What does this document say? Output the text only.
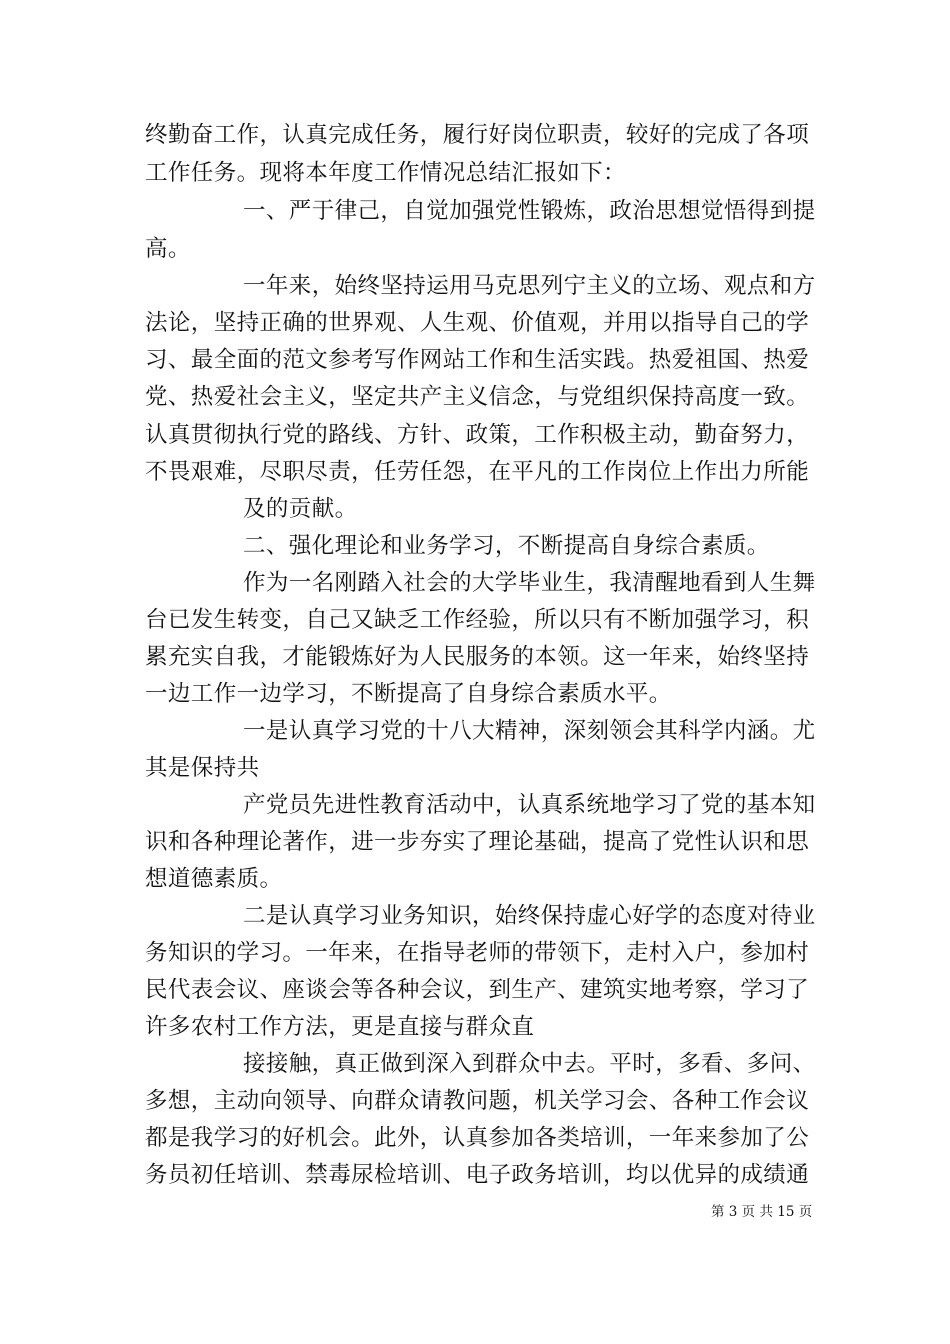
终勤奋工作，认真完成任务，履行好岗位职责，较好的完成了各项
工作任务。现将本年度工作情况总结汇报如下：
一、严于律己，自觉加强党性锻炼，政治思想觉悟得到提
高。
一年来，始终坚持运用马克思列宁主义的立场、观点和方
法论，坚持正确的世界观、人生观、价值观，并用以指导自己的学
习、最全面的范文参考写作网站工作和生活实践。热爱祖国、热爱
党、热爱社会主义，坚定共产主义信念，与党组织保持高度一致。
认真贯彻执行党的路线、方针、政策，工作积极主动，勤奋努力，
不畏艰难，尽职尽责，任劳任怨，在平凡的工作岗位上作出力所能
及的贡献。
二、强化理论和业务学习，不断提高自身综合素质。
作为一名刚踏入社会的大学毕业生，我清醒地看到人生舞
台已发生转变，自己又缺乏工作经验，所以只有不断加强学习，积
累充实自我，才能锻炼好为人民服务的本领。这一年来，始终坚持
一边工作一边学习，不断提高了自身综合素质水平。
一是认真学习党的十八大精神，深刻领会其科学内涵。尤
其是保持共
产党员先进性教育活动中，认真系统地学习了党的基本知
识和各种理论著作，进一步夯实了理论基础，提高了党性认识和思
想道德素质。
二是认真学习业务知识，始终保持虚心好学的态度对待业
务知识的学习。一年来，在指导老师的带领下，走村入户，参加村
民代表会议、座谈会等各种会议，到生产、建筑实地考察，学习了
许多农村工作方法，更是直接与群众直
接接触，真正做到深入到群众中去。平时，多看、多问、
多想，主动向领导、向群众请教问题，机关学习会、各种工作会议
都是我学习的好机会。此外，认真参加各类培训，一年来参加了公
务员初任培训、禁毒尿检培训、电子政务培训，均以优异的成绩通
第 3 页 共 15 页
